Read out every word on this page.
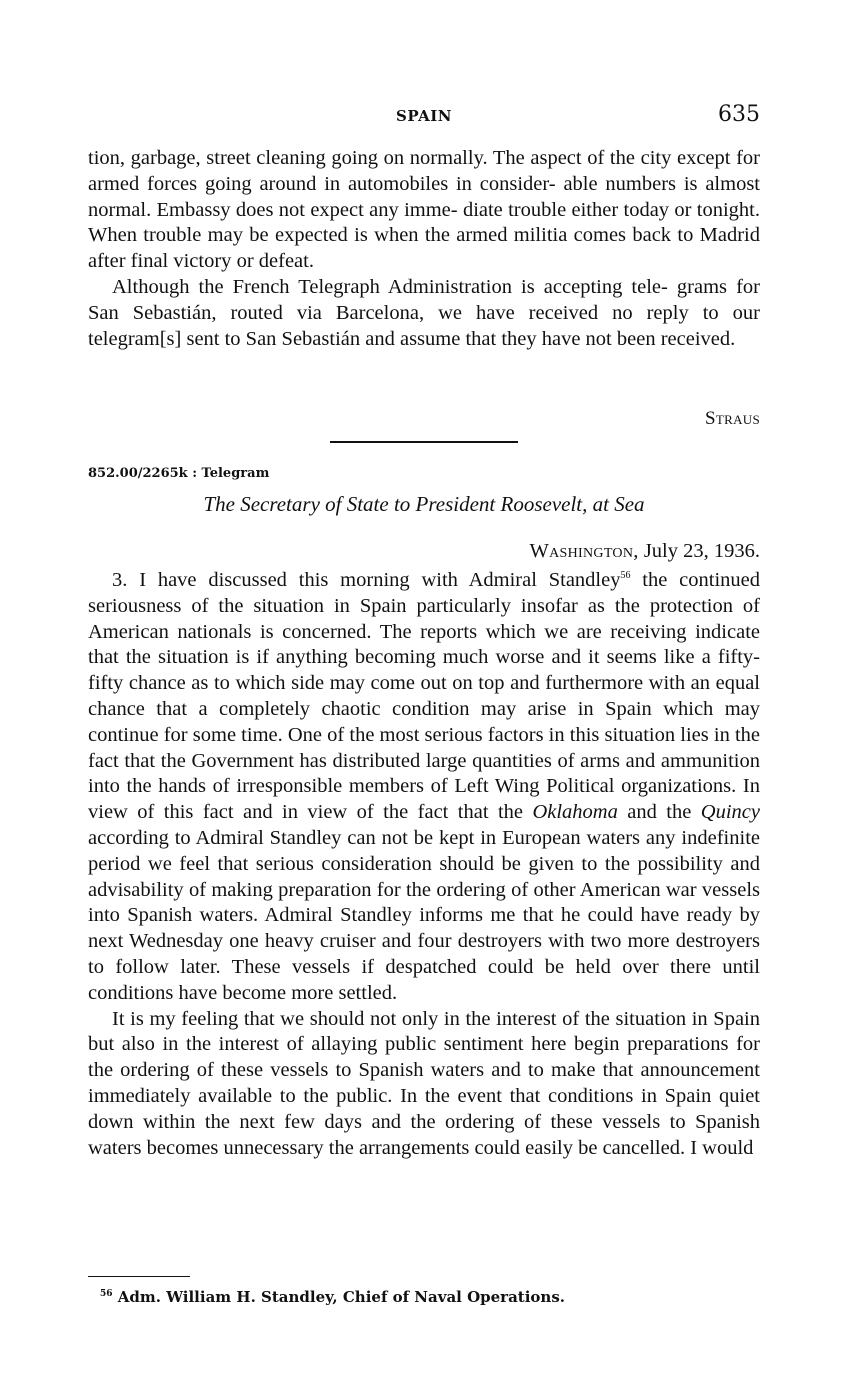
SPAIN	635

tion, garbage, street cleaning going on normally. The aspect of the city except for armed forces going around in automobiles in consider- able numbers is almost normal. Embassy does not expect any imme- diate trouble either today or tonight. When trouble may be expected is when the armed militia comes back to Madrid after final victory or defeat.

Although the French Telegraph Administration is accepting tele- grams for San Sebastián, routed via Barcelona, we have received no reply to our telegram[s] sent to San Sebastián and assume that they have not been received.

Straus
852.00/2265k : Telegram
The Secretary of State to President Roosevelt, at Sea
Washington, July 23, 1936.

3. I have discussed this morning with Admiral Standley$^{56}$ the continued seriousness of the situation in Spain particularly insofar as the protection of American nationals is concerned. The reports which we are receiving indicate that the situation is if anything becoming much worse and it seems like a fifty-fifty chance as to which side may come out on top and furthermore with an equal chance that a completely chaotic condition may arise in Spain which may continue for some time. One of the most serious factors in this situation lies in the fact that the Government has distributed large quantities of arms and ammunition into the hands of irresponsible members of Left Wing Political organizations. In view of this fact and in view of the fact that the Oklahoma and the Quincy according to Admiral Standley can not be kept in European waters any indefinite period we feel that serious consideration should be given to the possibility and advisability of making preparation for the ordering of other American war vessels into Spanish waters. Admiral Standley informs me that he could have ready by next Wednesday one heavy cruiser and four destroyers with two more destroyers to follow later. These vessels if despatched could be held over there until conditions have become more settled.

It is my feeling that we should not only in the interest of the situation in Spain but also in the interest of allaying public sentiment here begin preparations for the ordering of these vessels to Spanish waters and to make that announcement immediately available to the public. In the event that conditions in Spain quiet down within the next few days and the ordering of these vessels to Spanish waters becomes unnecessary the arrangements could easily be cancelled. I would

$^{56}$ Adm. William H. Standley, Chief of Naval Operations.
